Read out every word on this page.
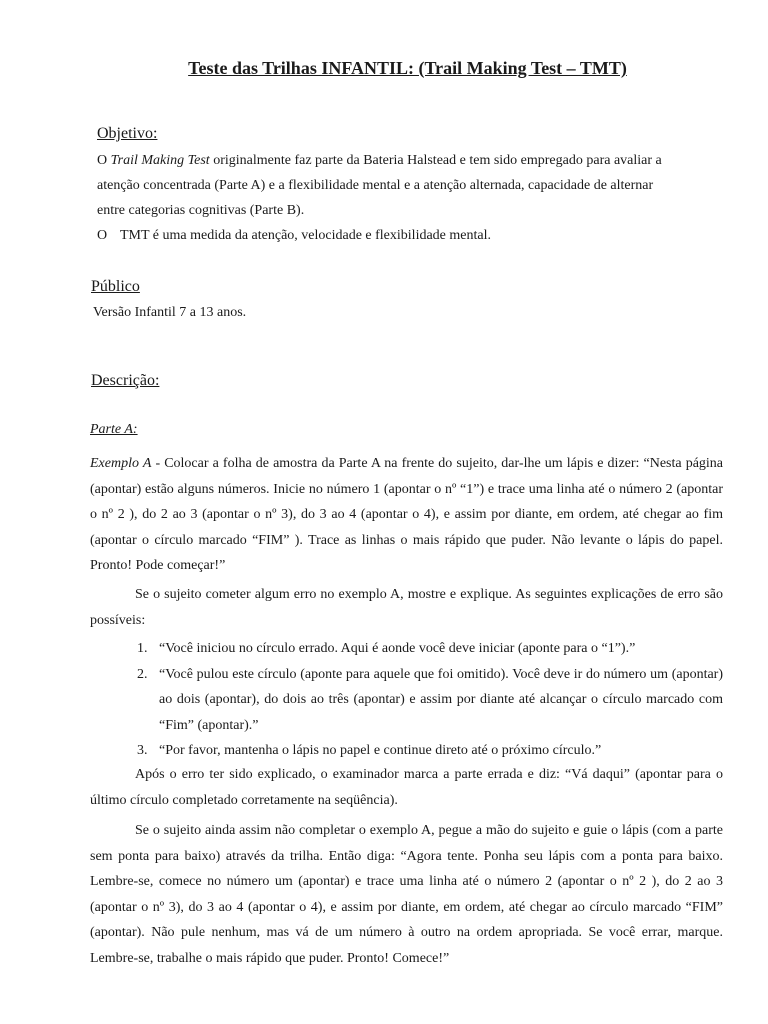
Teste das Trilhas INFANTIL: (Trail Making Test – TMT)
Objetivo:
O Trail Making Test originalmente faz parte da Bateria Halstead e tem sido empregado para avaliar a
atenção concentrada (Parte A) e a flexibilidade mental e a atenção alternada, capacidade de alternar
entre categorias cognitivas (Parte B).
O TMT é uma medida da atenção, velocidade e flexibilidade mental.
Público
Versão Infantil 7 a 13 anos.
Descrição:
Parte A:

Exemplo A - Colocar a folha de amostra da Parte A na frente do sujeito, dar-lhe um lápis e dizer: “Nesta página (apontar) estão alguns números. Inicie no número 1 (apontar o nº “1”) e trace uma linha até o número 2 (apontar o nº 2 ), do 2 ao 3 (apontar o nº 3), do 3 ao 4 (apontar o 4), e assim por diante, em ordem, até chegar ao fim (apontar o círculo marcado “FIM” ). Trace as linhas o mais rápido que puder. Não levante o lápis do papel. Pronto! Pode começar!”

Se o sujeito cometer algum erro no exemplo A, mostre e explique. As seguintes explicações de erro são possíveis:

1. “Você iniciou no círculo errado. Aqui é aonde você deve iniciar (aponte para o “1”).”
2. “Você pulou este círculo (aponte para aquele que foi omitido). Você deve ir do número um (apontar) ao dois (apontar), do dois ao três (apontar) e assim por diante até alcançar o círculo marcado com “Fim” (apontar).”
3. “Por favor, mantenha o lápis no papel e continue direto até o próximo círculo.”

Após o erro ter sido explicado, o examinador marca a parte errada e diz: “Vá daqui” (apontar para o último círculo completado corretamente na seqüência).

Se o sujeito ainda assim não completar o exemplo A, pegue a mão do sujeito e guie o lápis (com a parte sem ponta para baixo) através da trilha. Então diga: “Agora tente. Ponha seu lápis com a ponta para baixo. Lembre-se, comece no número um (apontar) e trace uma linha até o número 2 (apontar o nº 2 ), do 2 ao 3 (apontar o nº 3), do 3 ao 4 (apontar o 4), e assim por diante, em ordem, até chegar ao círculo marcado “FIM” (apontar). Não pule nenhum, mas vá de um número à outro na ordem apropriada. Se você errar, marque. Lembre-se, trabalhe o mais rápido que puder. Pronto! Comece!”
